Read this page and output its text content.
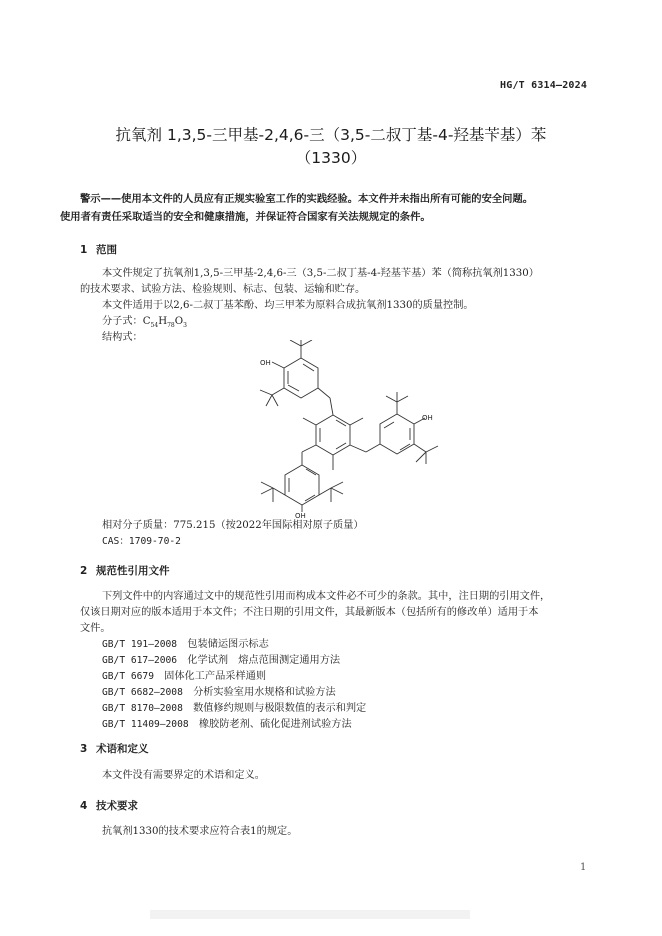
HG/T 6314—2024
抗氧剂 1,3,5-三甲基-2,4,6-三（3,5-二叔丁基-4-羟基苄基）苯
（1330）
警示——使用本文件的人员应有正规实验室工作的实践经验。本文件并未指出所有可能的安全问题。
使用者有责任采取适当的安全和健康措施，并保证符合国家有关法规规定的条件。
1 范围
本文件规定了抗氧剂1,3,5-三甲基-2,4,6-三（3,5-二叔丁基-4-羟基苄基）苯（简称抗氧剂1330）
的技术要求、试验方法、检验规则、标志、包装、运输和贮存。
本文件适用于以2,6-二叔丁基苯酚、均三甲苯为原料合成抗氧剂1330的质量控制。
分子式：$C_{54}H_{78}O_3$
结构式：
OH
OH
OH
相对分子质量：775.215（按2022年国际相对原子质量）
CAS：1709-70-2
2 规范性引用文件
下列文件中的内容通过文中的规范性引用而构成本文件必不可少的条款。其中，注日期的引用文件，
仅该日期对应的版本适用于本文件；不注日期的引用文件，其最新版本（包括所有的修改单）适用于本
文件。
GB/T 191—2008　 包装储运图示标志
GB/T 617—2006　 化学试剂　熔点范围测定通用方法
GB/T 6679　 固体化工产品采样通则
GB/T 6682—2008　 分析实验室用水规格和试验方法
GB/T 8170—2008　 数值修约规则与极限数值的表示和判定
GB/T 11409—2008　 橡胶防老剂、硫化促进剂试验方法
3 术语和定义
本文件没有需要界定的术语和定义。
4 技术要求
抗氧剂1330的技术要求应符合表1的规定。
1
